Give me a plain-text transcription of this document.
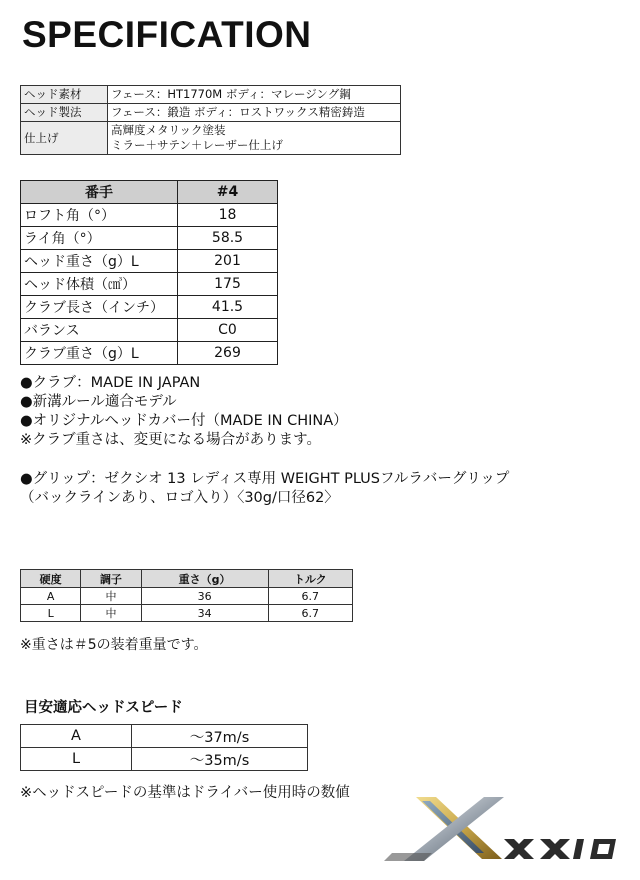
SPECIFICATION
ヘッド素材	フェース：HT1770M ボディ：マレージング鋼

ヘッド製法	フェース：鍛造 ボディ：ロストワックス精密鋳造

仕上げ	高輝度メタリック塗装
ミラー＋サテン＋レーザー仕上げ
番手	#4
ロフト角（°）	18
ライ角（°）	58.5
ヘッド重さ（g）L	201
ヘッド体積（㎤）	175
クラブ長さ（インチ）	41.5
バランス	C0
クラブ重さ（g）L	269
●クラブ：MADE IN JAPAN
●新溝ルール適合モデル
●オリジナルヘッドカバー付（MADE IN CHINA）
※クラブ重さは、変更になる場合があります。
●グリップ：ゼクシオ 13 レディス専用 WEIGHT PLUSフルラバーグリップ
（バックラインあり、ロゴ入り）〈30g/口径62〉
硬度	調子	重さ（g）	トルク
A	中	36	6.7
L	中	34	6.7
※重さは＃5の装着重量です。
目安適応ヘッドスピード
A	～37m/s
L	～35m/s
※ヘッドスピードの基準はドライバー使用時の数値
